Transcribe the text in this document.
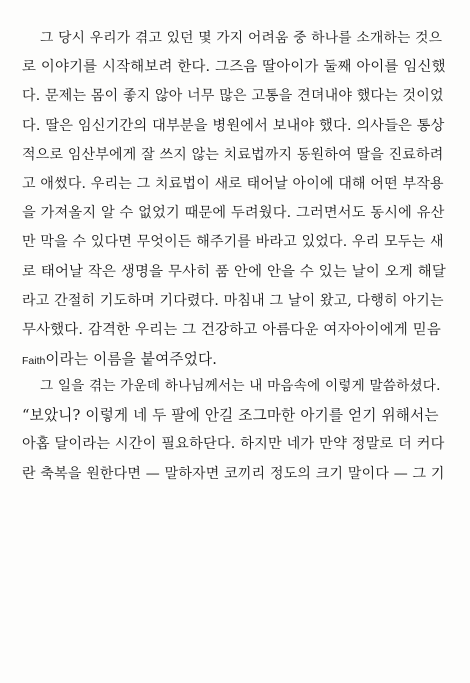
그 당시 우리가 겪고 있던 몇 가지 어려움 중 하나를 소개하는 것으
로 이야기를 시작해보려 한다. 그즈음 딸아이가 둘째 아이를 임신했
다. 문제는 몸이 좋지 않아 너무 많은 고통을 견뎌내야 했다는 것이었
다. 딸은 임신기간의 대부분을 병원에서 보내야 했다. 의사들은 통상
적으로 임산부에게 잘 쓰지 않는 치료법까지 동원하여 딸을 진료하려
고 애썼다. 우리는 그 치료법이 새로 태어날 아이에 대해 어떤 부작용
을 가져올지 알 수 없었기 때문에 두려웠다. 그러면서도 동시에 유산
만 막을 수 있다면 무엇이든 해주기를 바라고 있었다. 우리 모두는 새
로 태어날 작은 생명을 무사히 품 안에 안을 수 있는 날이 오게 해달
라고 간절히 기도하며 기다렸다. 마침내 그 날이 왔고, 다행히 아기는
무사했다. 감격한 우리는 그 건강하고 아름다운 여자아이에게 믿음
Faith이라는 이름을 붙여주었다.
그 일을 겪는 가운데 하나님께서는 내 마음속에 이렇게 말씀하셨다.
“보았니? 이렇게 네 두 팔에 안길 조그마한 아기를 얻기 위해서는
아홉 달이라는 시간이 필요하단다. 하지만 네가 만약 정말로 더 커다
란 축복을 원한다면 — 말하자면 코끼리 정도의 크기 말이다 — 그 기
